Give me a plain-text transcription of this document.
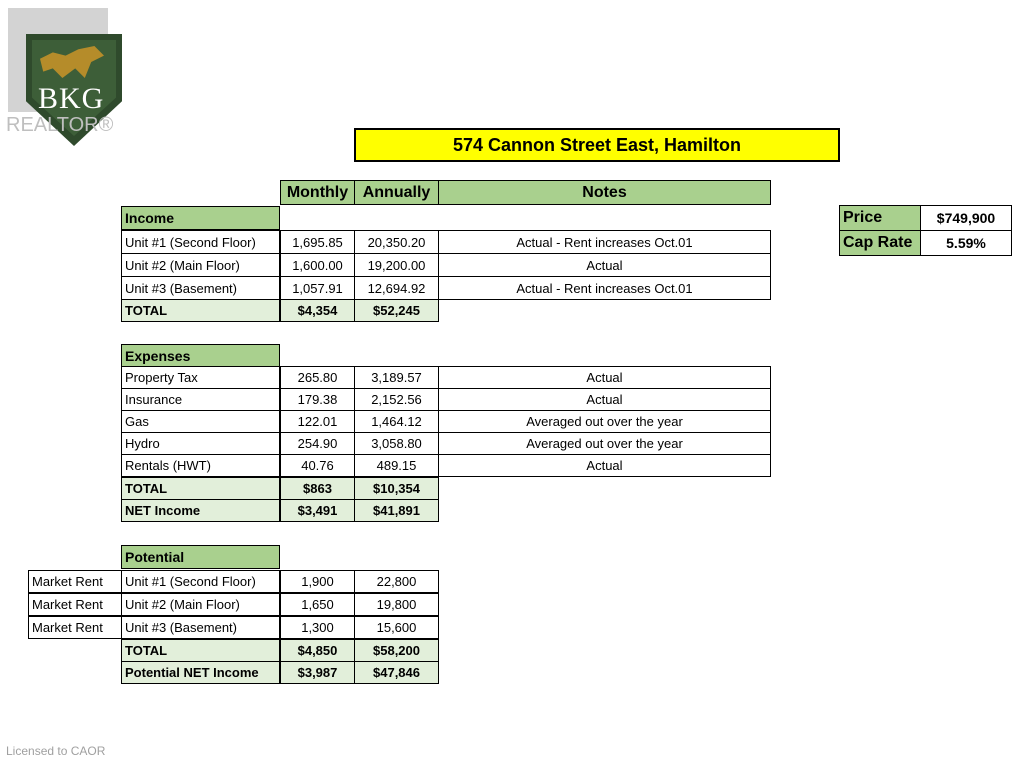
BKG
REALTOR®
574 Cannon Street East, Hamilton
Monthly Annually	Notes
Price	$749,900
Cap Rate	5.59%
Income
Unit #1 (Second Floor)	1,695.85	20,350.20	Actual - Rent increases Oct.01
Unit #2 (Main Floor)	1,600.00	19,200.00	Actual
Unit #3 (Basement)	1,057.91	12,694.92	Actual - Rent increases Oct.01
TOTAL	$4,354	$52,245
Expenses
Property Tax	265.80	3,189.57	Actual
Insurance	179.38	2,152.56	Actual
Gas	122.01	1,464.12	Averaged out over the year
Hydro	254.90	3,058.80	Averaged out over the year
Rentals (HWT)	40.76	489.15	Actual
TOTAL	$863	$10,354
NET Income	$3,491	$41,891
Potential
Market Rent	Unit #1 (Second Floor)	1,900	22,800
Market Rent	Unit #2 (Main Floor)	1,650	19,800
Market Rent	Unit #3 (Basement)	1,300	15,600
TOTAL	$4,850	$58,200
Potential NET Income	$3,987	$47,846
Licensed to CAOR
